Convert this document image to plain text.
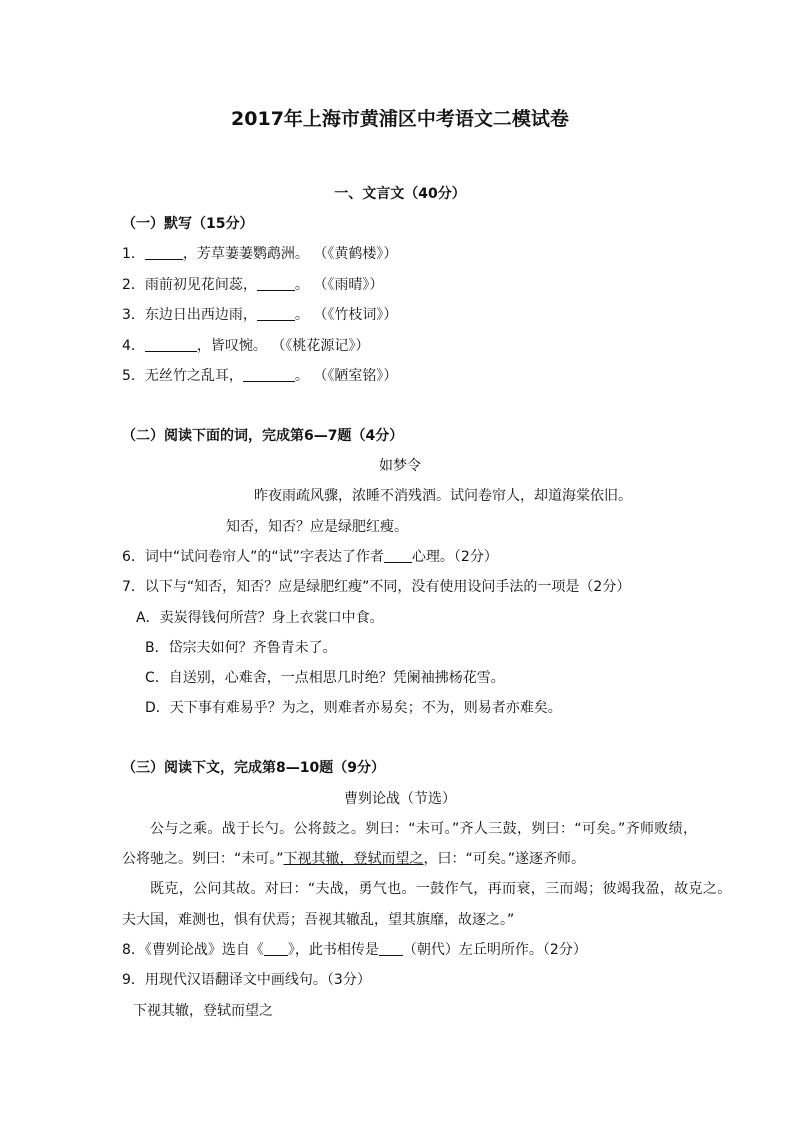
2017年上海市黄浦区中考语文二模试卷
一、文言文（40分）
（一）默写（15分）
1．	，芳草萋萋鹦鹉洲。 （《黄鹤楼》）
2．雨前初见花间蕊，	。 （《雨晴》）
3．东边日出西边雨，	。 （《竹枝词》）
4．	，皆叹惋。 （《桃花源记》）
5．无丝竹之乱耳，	。 （《陋室铭》）
（二）阅读下面的词，完成第6—7题（4分）
如梦令
昨夜雨疏风骤，浓睡不消残酒。试问卷帘人，却道海棠依旧。
知否，知否？应是绿肥红瘦。
6．词中“试问卷帘人”的“试”字表达了作者 心理。（2分）
7．以下与“知否，知否？应是绿肥红瘦”不同，没有使用设问手法的一项是（2分）
A．卖炭得钱何所营？身上衣裳口中食。
B．岱宗夫如何？齐鲁青未了。
C．自送别，心难舍，一点相思几时绝？凭阑袖拂杨花雪。
D．天下事有难易乎？为之，则难者亦易矣；不为，则易者亦难矣。
（三）阅读下文，完成第8—10题（9分）
曹刿论战（节选）
公与之乘。战于长勺。公将鼓之。刿曰：“未可。”齐人三鼓，刿曰：“可矣。”齐师败绩，
公将驰之。刿曰：“未可。”下视其辙，登轼而望之，曰：“可矣。”遂逐齐师。
既克，公问其故。对曰：“夫战，勇气也。一鼓作气，再而衰，三而竭；彼竭我盈，故克之。
夫大国，难测也，惧有伏焉；吾视其辙乱，望其旗靡，故逐之。”
8．《曹刿论战》选自《 》，此书相传是 （朝代）左丘明所作。（2分）
9．用现代汉语翻译文中画线句。（3分）
下视其辙，登轼而望之
